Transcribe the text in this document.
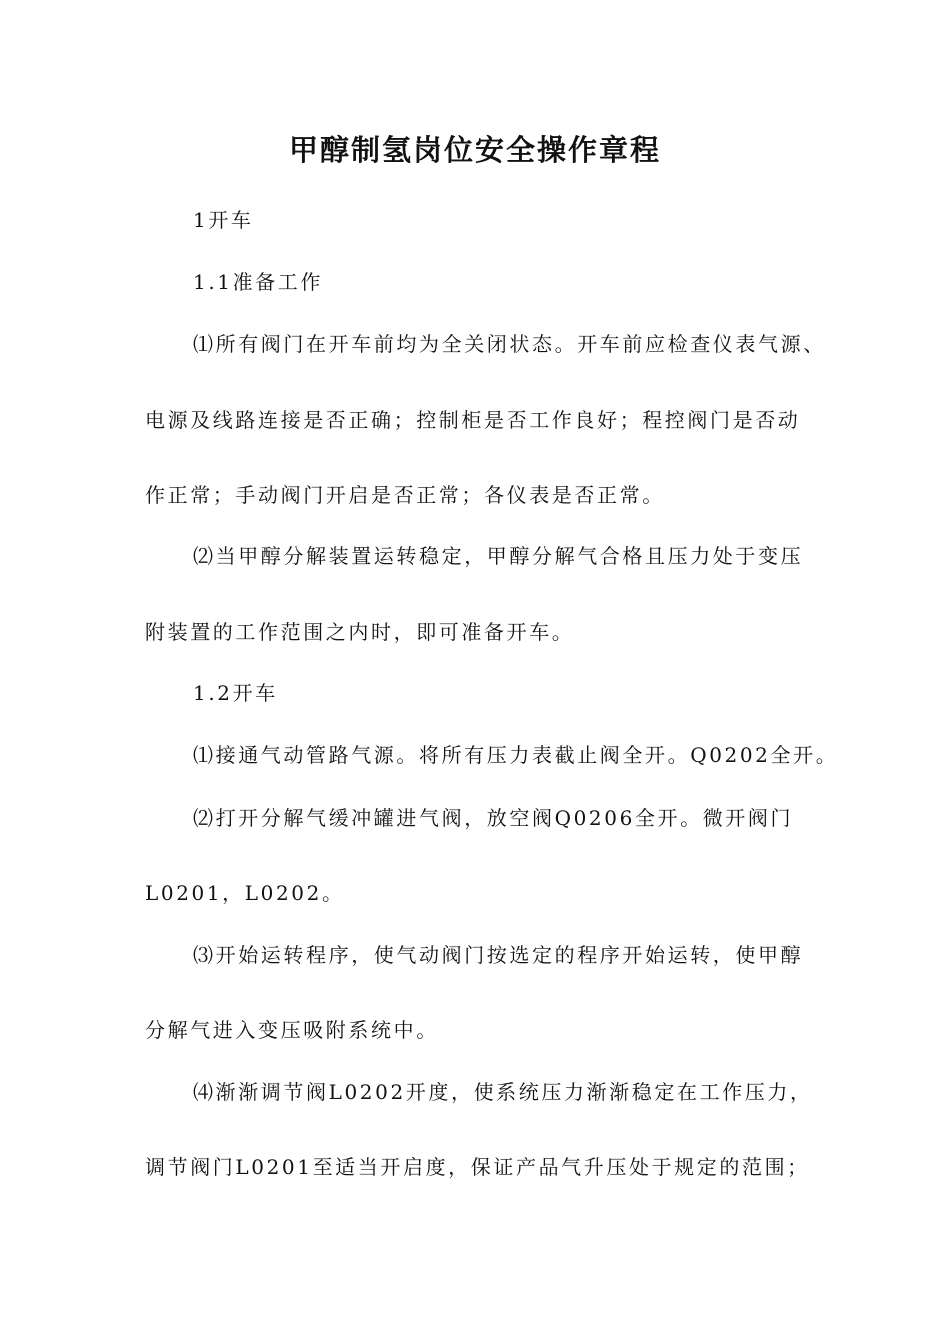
甲醇制氢岗位安全操作章程
1开车
1.1准备工作
⑴所有阀门在开车前均为全关闭状态。开车前应检查仪表气源、
电源及线路连接是否正确；控制柜是否工作良好；程控阀门是否动
作正常；手动阀门开启是否正常；各仪表是否正常。
⑵当甲醇分解装置运转稳定，甲醇分解气合格且压力处于变压
附装置的工作范围之内时，即可准备开车。
1.2开车
⑴接通气动管路气源。将所有压力表截止阀全开。Q0202全开。
⑵打开分解气缓冲罐进气阀，放空阀Q0206全开。微开阀门
L0201，L0202。
⑶开始运转程序，使气动阀门按选定的程序开始运转，使甲醇
分解气进入变压吸附系统中。
⑷渐渐调节阀L0202开度，使系统压力渐渐稳定在工作压力，
调节阀门L0201至适当开启度，保证产品气升压处于规定的范围；
